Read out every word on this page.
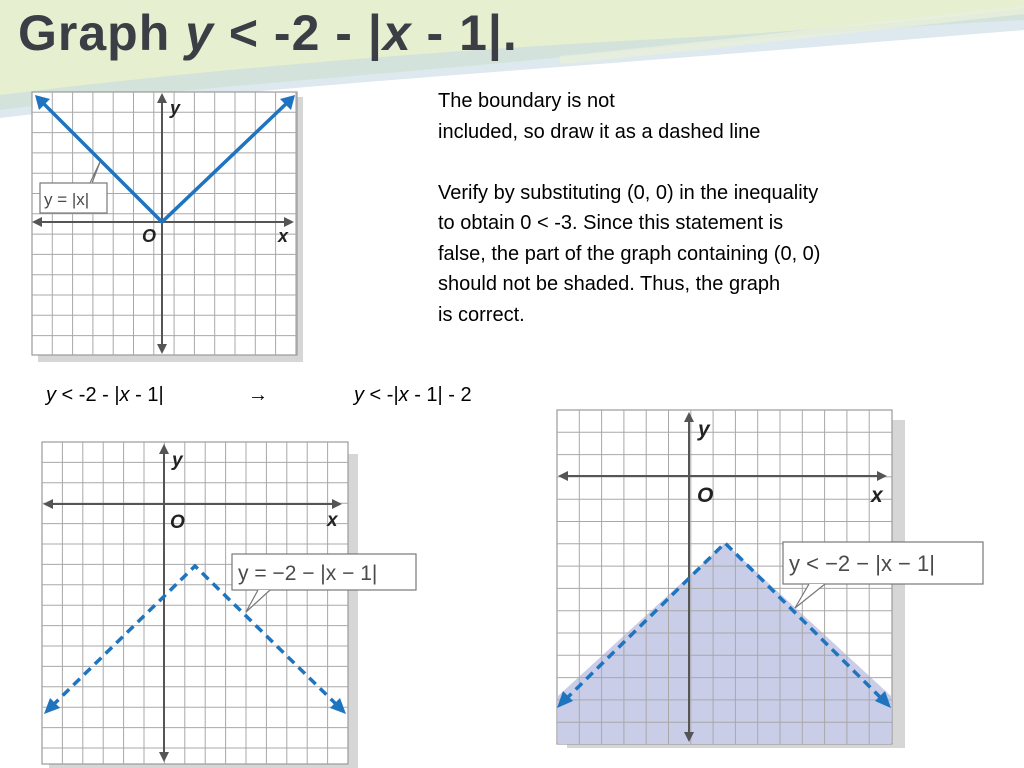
Graph y < -2 - |x - 1|.
y
x
O
y = |x|

The boundary is not

included, so draw it as a dashed line

Verify by substituting (0, 0) in the inequality

to obtain 0 < -3. Since this statement is

false, the part of the graph containing (0, 0)

should not be shaded. Thus, the graph

is correct.

y < -2 - |x - 1|	→	y < -|x - 1| - 2
y
x
O
y = −2 − |x − 1|
y
x
O
y < −2 − |x − 1|
